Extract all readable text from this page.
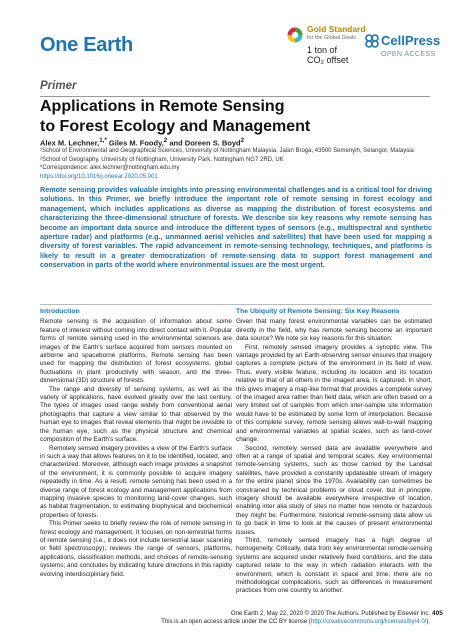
One Earth
Gold Standard
for the Global Goals
1 ton of
CO₂ offset
CellPress
OPEN ACCESS
Primer
Applications in Remote Sensing
to Forest Ecology and Management
Alex M. Lechner,$^{1,*}$ Giles M. Foody,$^2$ and Doreen S. Boyd$^2$
¹School of Environmental and Geographical Sciences, University of Nottingham Malaysia, Jalan Broga, 43500 Semenyih, Selangor, Malaysia
²School of Geography, University of Nottingham, University Park, Nottingham NG7 2RD, UK
*Correspondence: alex.lechner@nottingham.edu.my
https://doi.org/10.1016/j.oneear.2020.05.001
Remote sensing provides valuable insights into pressing environmental challenges and is a critical tool for driving solutions. In this Primer, we briefly introduce the important role of remote sensing in forest ecology and management, which includes applications as diverse as mapping the distribution of forest ecosystems and characterizing the three-dimensional structure of forests. We describe six key reasons why remote sensing has become an important data source and introduce the different types of sensors (e.g., multispectral and synthetic aperture radar) and platforms (e.g., unmanned aerial vehicles and satellites) that have been used for mapping a diversity of forest variables. The rapid advancement in remote-sensing technology, techniques, and platforms is likely to result in a greater democratization of remote-sensing data to support forest management and conservation in parts of the world where environmental issues are the most urgent.
Introduction

Remote sensing is the acquisition of information about some feature of interest without coming into direct contact with it. Popular forms of remote sensing used in the environmental sciences are images of the Earth's surface acquired from sensors mounted on airborne and spaceborne platforms. Remote sensing has been used for mapping the distribution of forest ecosystems, global fluctuations in plant productivity with season, and the three-dimensional (3D) structure of forests.

The range and diversity of sensing systems, as well as the variety of applications, have evolved greatly over the last century. The types of images used range widely from conventional aerial photographs that capture a view similar to that observed by the human eye to images that reveal elements that might be invisible to the human eye, such as the physical structure and chemical composition of the Earth's surface.

Remotely sensed imagery provides a view of the Earth's surface in such a way that allows features on it to be identified, located, and characterized. Moreover, although each image provides a snapshot of the environment, it is commonly possible to acquire imagery repeatedly in time. As a result, remote sensing has been used in a diverse range of forest ecology and management applications from mapping invasive species to monitoring land-cover changes, such as habitat fragmentation, to estimating biophysical and biochemical properties of forests.

This Primer seeks to briefly review the role of remote sensing in forest ecology and management. It focuses on non-terrestrial forms of remote sensing (i.e., it does not include terrestrial laser scanning or field spectroscopy); reviews the range of sensors, platforms, applications, classification methods, and choices of remote-sensing systems; and concludes by indicating future directions in this rapidly evolving interdisciplinary field.

The Ubiquity of Remote Sensing: Six Key Reasons

Given that many forest environmental variables can be estimated directly in the field, why has remote sensing become an important data source? We note six key reasons for this situation:

First, remotely sensed imagery provides a synoptic view. The vantage provided by an Earth-observing sensor ensures that imagery captures a complete picture of the environment in its field of view. Thus, every visible feature, including its location and its location relative to that of all others in the imaged area, is captured. In short, this gives imagery a map-like format that provides a complete survey of the imaged area rather than field data, which are often based on a very limited set of samples from which inter-sample site information would have to be estimated by some form of interpolation. Because of this complete survey, remote sensing allows wall-to-wall mapping and environmental variables at spatial scales, such as land-cover change.

Second, remotely sensed data are available everywhere and often at a range of spatial and temporal scales. Key environmental remote-sensing systems, such as those carried by the Landsat satellites, have provided a constantly updateable stream of imagery for the entire planet since the 1970s. Availability can sometimes be constrained by technical problems or cloud cover, but in principle, imagery should be available everywhere irrespective of location, enabling inter alia study of sites no matter how remote or hazardous they might be. Furthermore, historical remote-sensing data allow us to go back in time to look at the causes of present environmental issues.

Third, remotely sensed imagery has a high degree of homogeneity. Critically, data from key environmental remote-sensing systems are acquired under relatively fixed conditions, and the data captured relate to the way in which radiation interacts with the environment, which is constant in space and time; there are no methodological complications, such as differences in measurement practices from one country to another.

One Earth 2, May 22, 2020 © 2020 The Authors. Published by Elsevier Inc.
This is an open access article under the CC BY license (http://creativecommons.org/licenses/by/4.0/).
405
